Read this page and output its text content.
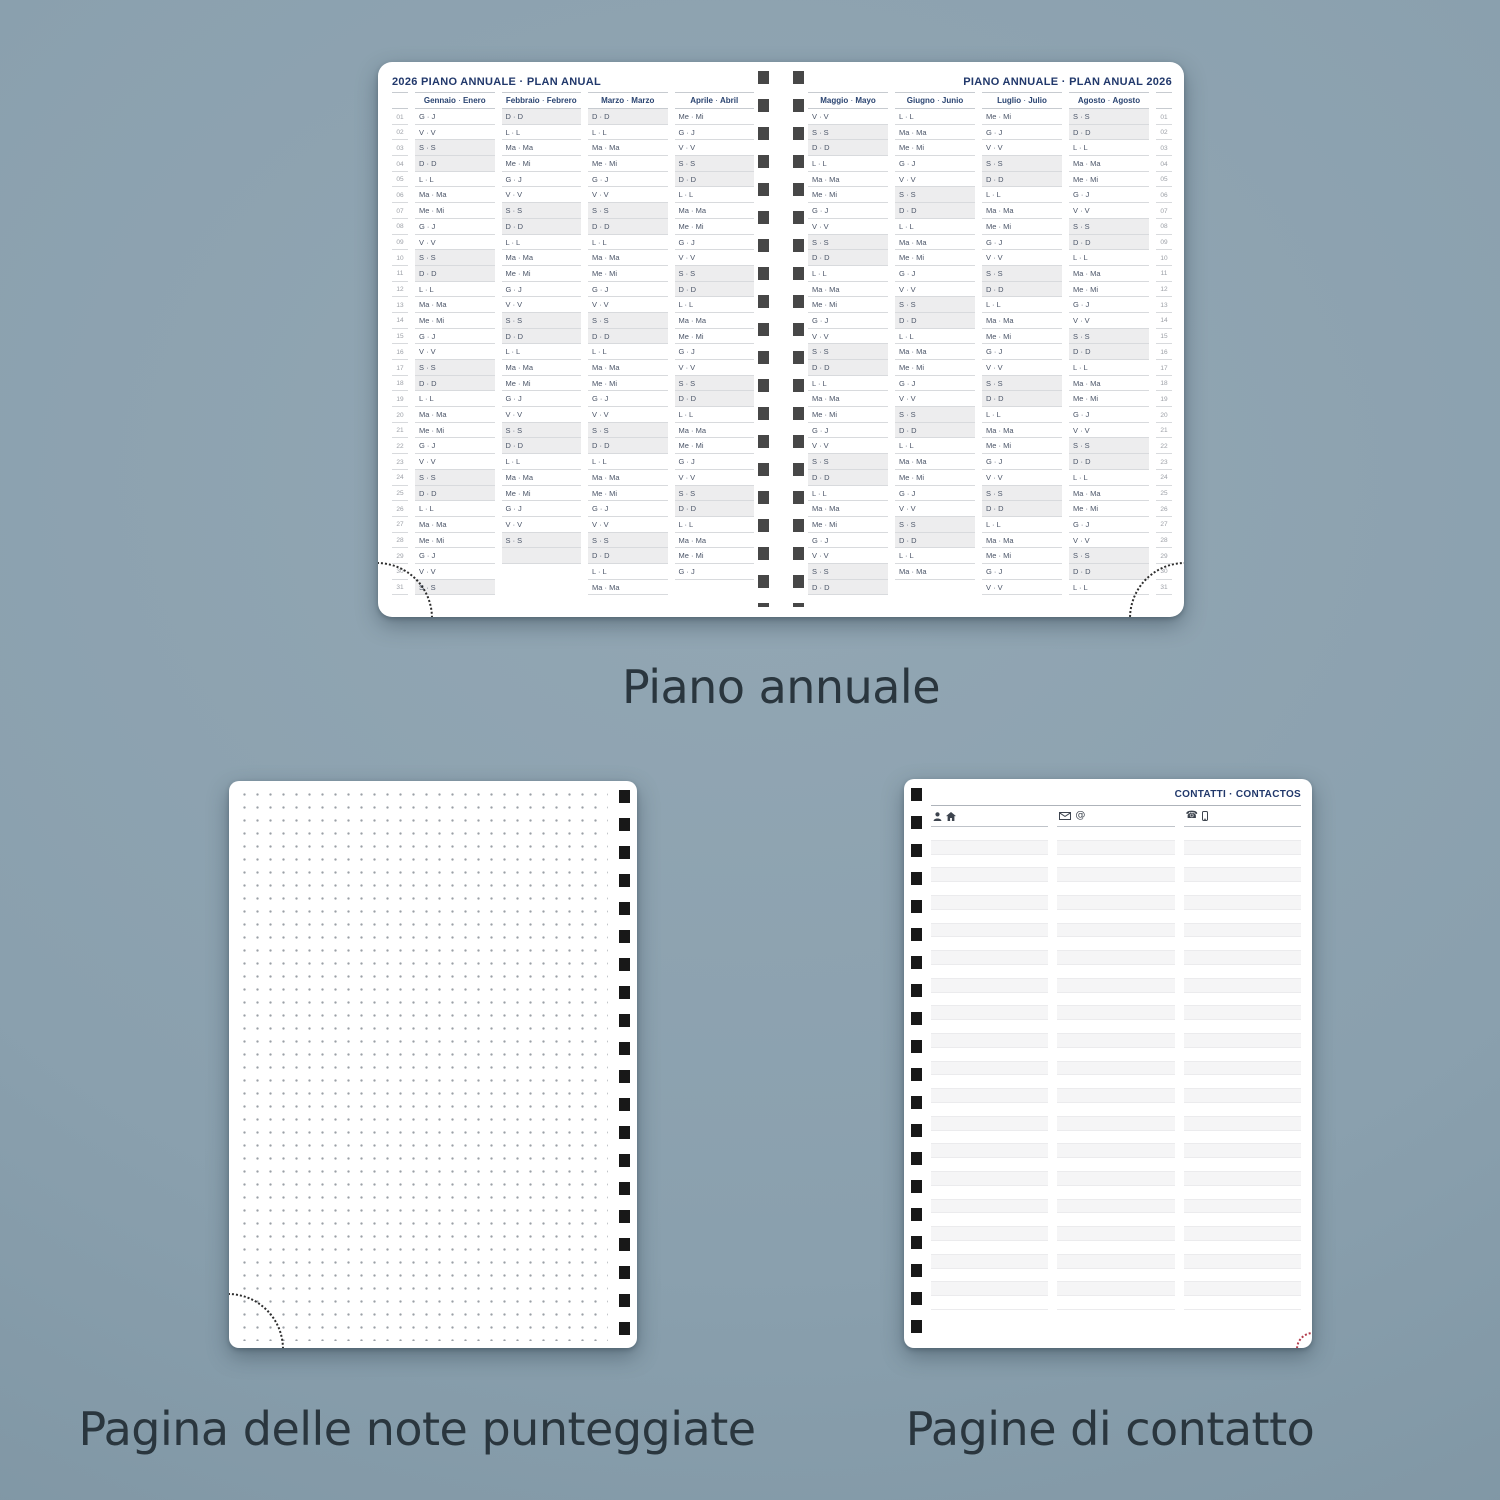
2026 PIANO ANNUALE · PLAN ANUAL
01
02
03
04
05
06
07
08
09
10
11
12
13
14
15
16
17
18
19
20
21
22
23
24
25
26
27
28
29
30
31
Gennaio · Enero
G · J
V · V
S · S
D · D
L · L
Ma · Ma
Me · Mi
G · J
V · V
S · S
D · D
L · L
Ma · Ma
Me · Mi
G · J
V · V
S · S
D · D
L · L
Ma · Ma
Me · Mi
G · J
V · V
S · S
D · D
L · L
Ma · Ma
Me · Mi
G · J
V · V
S · S
Febbraio · Febrero
D · D
L · L
Ma · Ma
Me · Mi
G · J
V · V
S · S
D · D
L · L
Ma · Ma
Me · Mi
G · J
V · V
S · S
D · D
L · L
Ma · Ma
Me · Mi
G · J
V · V
S · S
D · D
L · L
Ma · Ma
Me · Mi
G · J
V · V
S · S
Marzo · Marzo
D · D
L · L
Ma · Ma
Me · Mi
G · J
V · V
S · S
D · D
L · L
Ma · Ma
Me · Mi
G · J
V · V
S · S
D · D
L · L
Ma · Ma
Me · Mi
G · J
V · V
S · S
D · D
L · L
Ma · Ma
Me · Mi
G · J
V · V
S · S
D · D
L · L
Ma · Ma
Aprile · Abril
Me · Mi
G · J
V · V
S · S
D · D
L · L
Ma · Ma
Me · Mi
G · J
V · V
S · S
D · D
L · L
Ma · Ma
Me · Mi
G · J
V · V
S · S
D · D
L · L
Ma · Ma
Me · Mi
G · J
V · V
S · S
D · D
L · L
Ma · Ma
Me · Mi
G · J
PIANO ANNUALE · PLAN ANUAL 2026
Maggio · Mayo
V · V
S · S
D · D
L · L
Ma · Ma
Me · Mi
G · J
V · V
S · S
D · D
L · L
Ma · Ma
Me · Mi
G · J
V · V
S · S
D · D
L · L
Ma · Ma
Me · Mi
G · J
V · V
S · S
D · D
L · L
Ma · Ma
Me · Mi
G · J
V · V
S · S
D · D
Giugno · Junio
L · L
Ma · Ma
Me · Mi
G · J
V · V
S · S
D · D
L · L
Ma · Ma
Me · Mi
G · J
V · V
S · S
D · D
L · L
Ma · Ma
Me · Mi
G · J
V · V
S · S
D · D
L · L
Ma · Ma
Me · Mi
G · J
V · V
S · S
D · D
L · L
Ma · Ma
Luglio · Julio
Me · Mi
G · J
V · V
S · S
D · D
L · L
Ma · Ma
Me · Mi
G · J
V · V
S · S
D · D
L · L
Ma · Ma
Me · Mi
G · J
V · V
S · S
D · D
L · L
Ma · Ma
Me · Mi
G · J
V · V
S · S
D · D
L · L
Ma · Ma
Me · Mi
G · J
V · V
Agosto · Agosto
S · S
D · D
L · L
Ma · Ma
Me · Mi
G · J
V · V
S · S
D · D
L · L
Ma · Ma
Me · Mi
G · J
V · V
S · S
D · D
L · L
Ma · Ma
Me · Mi
G · J
V · V
S · S
D · D
L · L
Ma · Ma
Me · Mi
G · J
V · V
S · S
D · D
L · L
01
02
03
04
05
06
07
08
09
10
11
12
13
14
15
16
17
18
19
20
21
22
23
24
25
26
27
28
29
30
31
Piano annuale
CONTATTI · CONTACTOS
@	☎
Pagina delle note punteggiate	Pagine di contatto
